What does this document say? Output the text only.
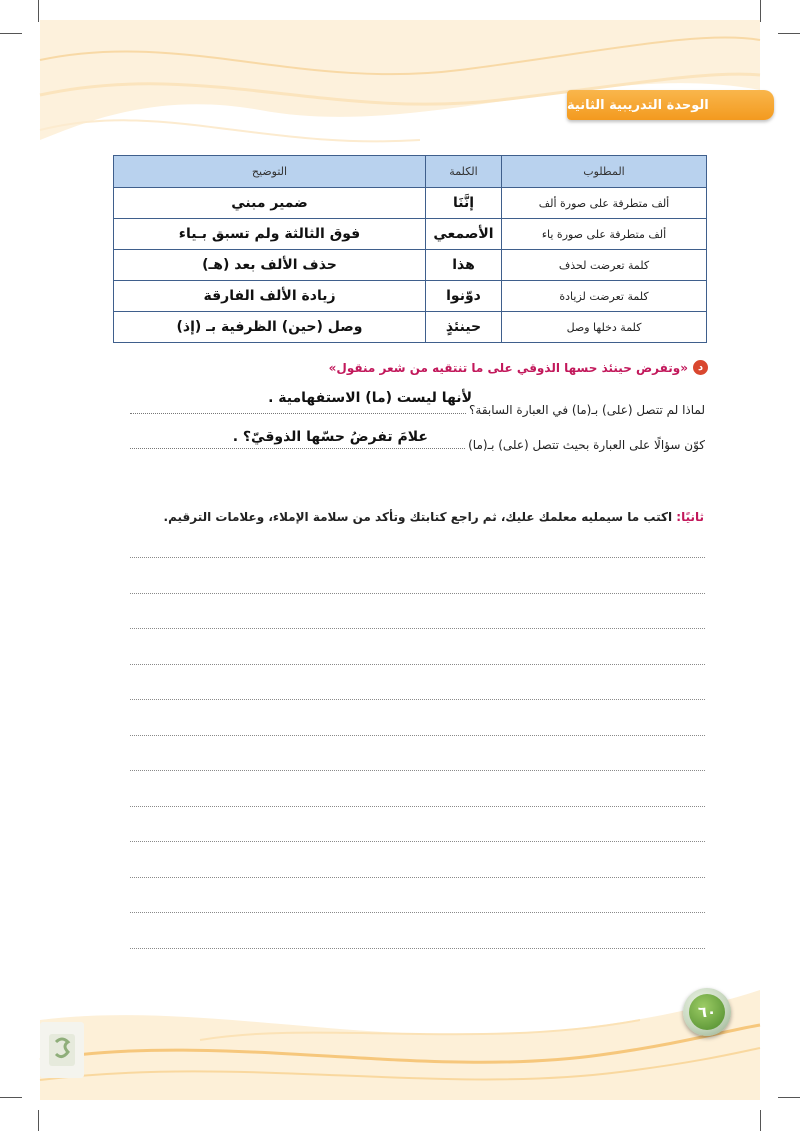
الوحدة التدريبية الثانية
المطلوب	الكلمة	التوضيح
ألف متطرفة على صورة ألف	إنَّنَا	ضمير مبني
ألف متطرفة على صورة ياء	الأصمعي	فوق الثالثة ولم تسبق بـياء
كلمة تعرضت لحذف	هذا	حذف الألف بعد (هـ)
كلمة تعرضت لزيادة	دوّنوا	زيادة الألف الفارقة
كلمة دخلها وصل	حينئذٍ	وصل (حين) الظرفية بـ (إذ)
د
«وتفرض حينئذ حسها الذوقي على ما تنتقيه من شعر منقول»
لأنها ليست (ما) الاستفهامية .
لماذا لم تتصل (على) بـ(ما) في العبارة السابقة؟
علامَ تفرضُ حسّها الذوقيّ؟ .	كوّن سؤالًا على العبارة بحيث تتصل (على) بـ(ما)
ثانيًا: اكتب ما سيمليه معلمك عليك، ثم راجع كتابتك وتأكد من سلامة الإملاء، وعلامات الترقيم.
٦٠
